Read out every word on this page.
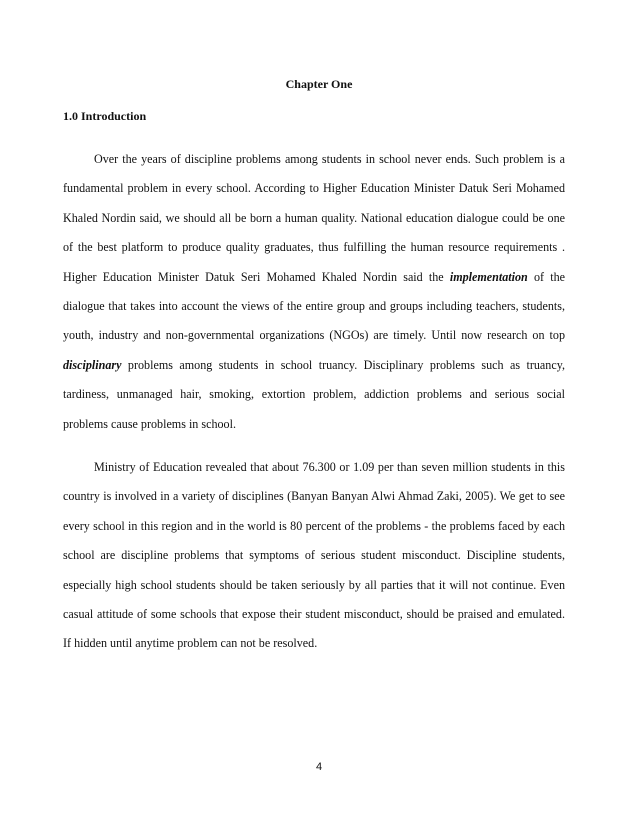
Chapter One
1.0 Introduction

Over the years of discipline problems among students in school never ends. Such problem is a fundamental problem in every school. According to Higher Education Minister Datuk Seri Mohamed Khaled Nordin said, we should all be born a human quality. National education dialogue could be one of the best platform to produce quality graduates, thus fulfilling the human resource requirements . Higher Education Minister Datuk Seri Mohamed Khaled Nordin said the implementation of the dialogue that takes into account the views of the entire group and groups including teachers, students, youth, industry and non-governmental organizations (NGOs) are timely. Until now research on top disciplinary problems among students in school truancy. Disciplinary problems such as truancy, tardiness, unmanaged hair, smoking, extortion problem, addiction problems and serious social problems cause problems in school.

Ministry of Education revealed that about 76.300 or 1.09 per than seven million students in this country is involved in a variety of disciplines (Banyan Banyan Alwi Ahmad Zaki, 2005). We get to see every school in this region and in the world is 80 percent of the problems - the problems faced by each school are discipline problems that symptoms of serious student misconduct. Discipline students, especially high school students should be taken seriously by all parties that it will not continue. Even casual attitude of some schools that expose their student misconduct, should be praised and emulated. If hidden until anytime problem can not be resolved.

4
